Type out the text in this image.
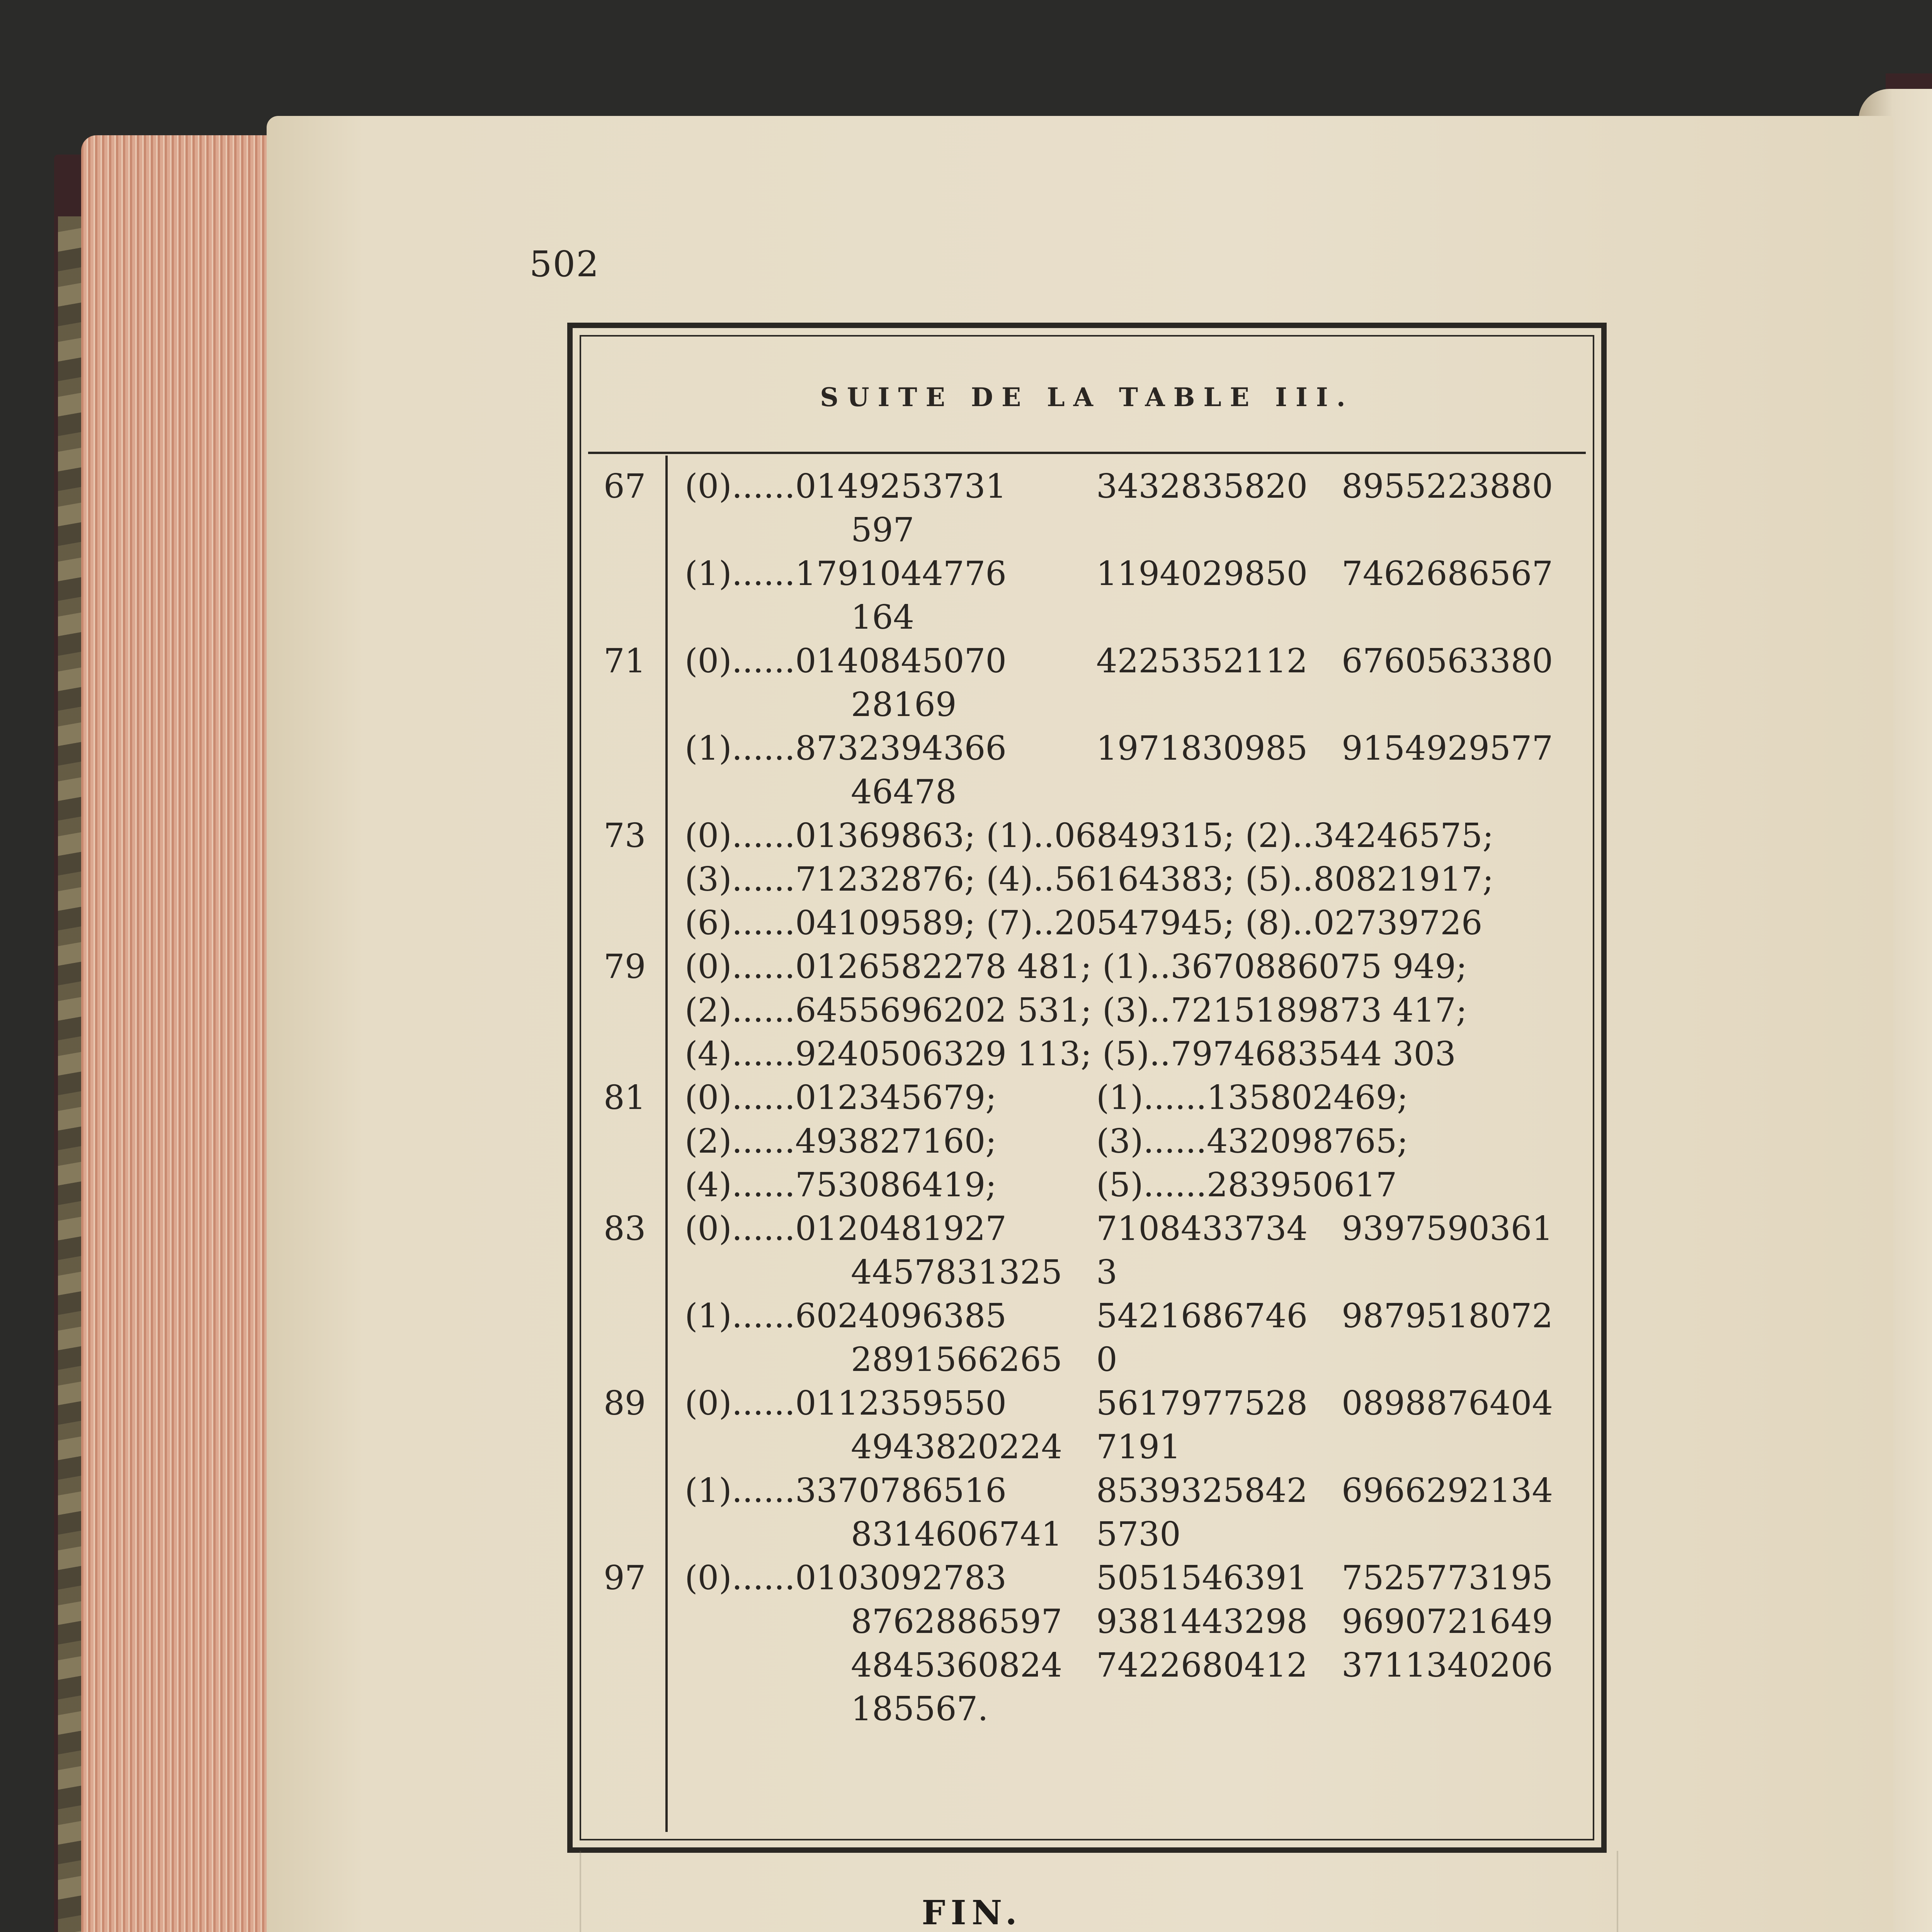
502
SUITE DE LA TABLE III.
67 (0)......0149253731	3432835820 8955223880
597
(1)......1791044776	1194029850 7462686567
164
71 (0)......0140845070	4225352112 6760563380
28169
(1)......8732394366	1971830985 9154929577
46478
73 (0)......01369863; (1)..06849315; (2)..34246575;
(3)......71232876; (4)..56164383; (5)..80821917;
(6)......04109589; (7)..20547945; (8)..02739726
79 (0)......0126582278 481; (1)..3670886075 949;
(2)......6455696202 531; (3)..7215189873 417;
(4)......9240506329 113; (5)..7974683544 303
81 (0)......012345679;	(1)......135802469;
(2)......493827160;	(3)......432098765;
(4)......753086419;	(5)......283950617
83 (0)......0120481927	7108433734 9397590361
4457831325 3
(1)......6024096385	5421686746 9879518072
2891566265 0
89 (0)......0112359550	5617977528 0898876404
4943820224 7191
(1)......3370786516	8539325842 6966292134
8314606741 5730
97 (0)......0103092783	5051546391 7525773195
8762886597 9381443298 9690721649
4845360824 7422680412 3711340206
185567.
FIN.
